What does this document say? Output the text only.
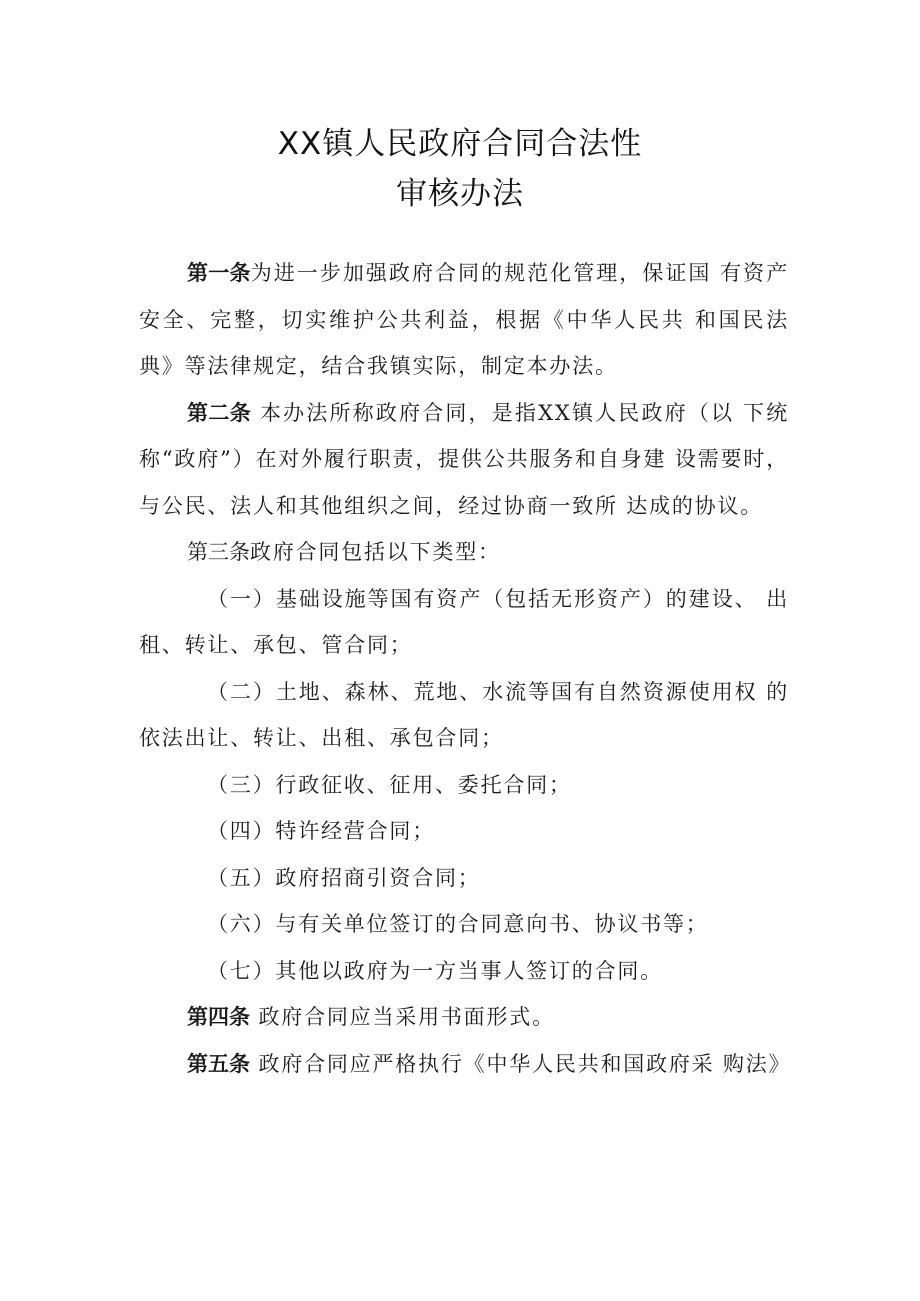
XX镇人民政府合同合法性
审核办法

第一条为进一步加强政府合同的规范化管理，保证国 有资产安全、完整，切实维护公共利益，根据《中华人民共 和国民法典》等法律规定，结合我镇实际，制定本办法。

第二条 本办法所称政府合同，是指XX镇人民政府（以 下统称“政府”）在对外履行职责，提供公共服务和自身建 设需要时，与公民、法人和其他组织之间，经过协商一致所 达成的协议。

第三条政府合同包括以下类型：

（一）基础设施等国有资产（包括无形资产）的建设、 出租、转让、承包、管合同；

（二）土地、森林、荒地、水流等国有自然资源使用权 的依法出让、转让、出租、承包合同；

（三）行政征收、征用、委托合同；

（四）特许经营合同；

（五）政府招商引资合同；

（六）与有关单位签订的合同意向书、协议书等；

（七）其他以政府为一方当事人签订的合同。

第四条 政府合同应当采用书面形式。

第五条 政府合同应严格执行《中华人民共和国政府采 购法》
